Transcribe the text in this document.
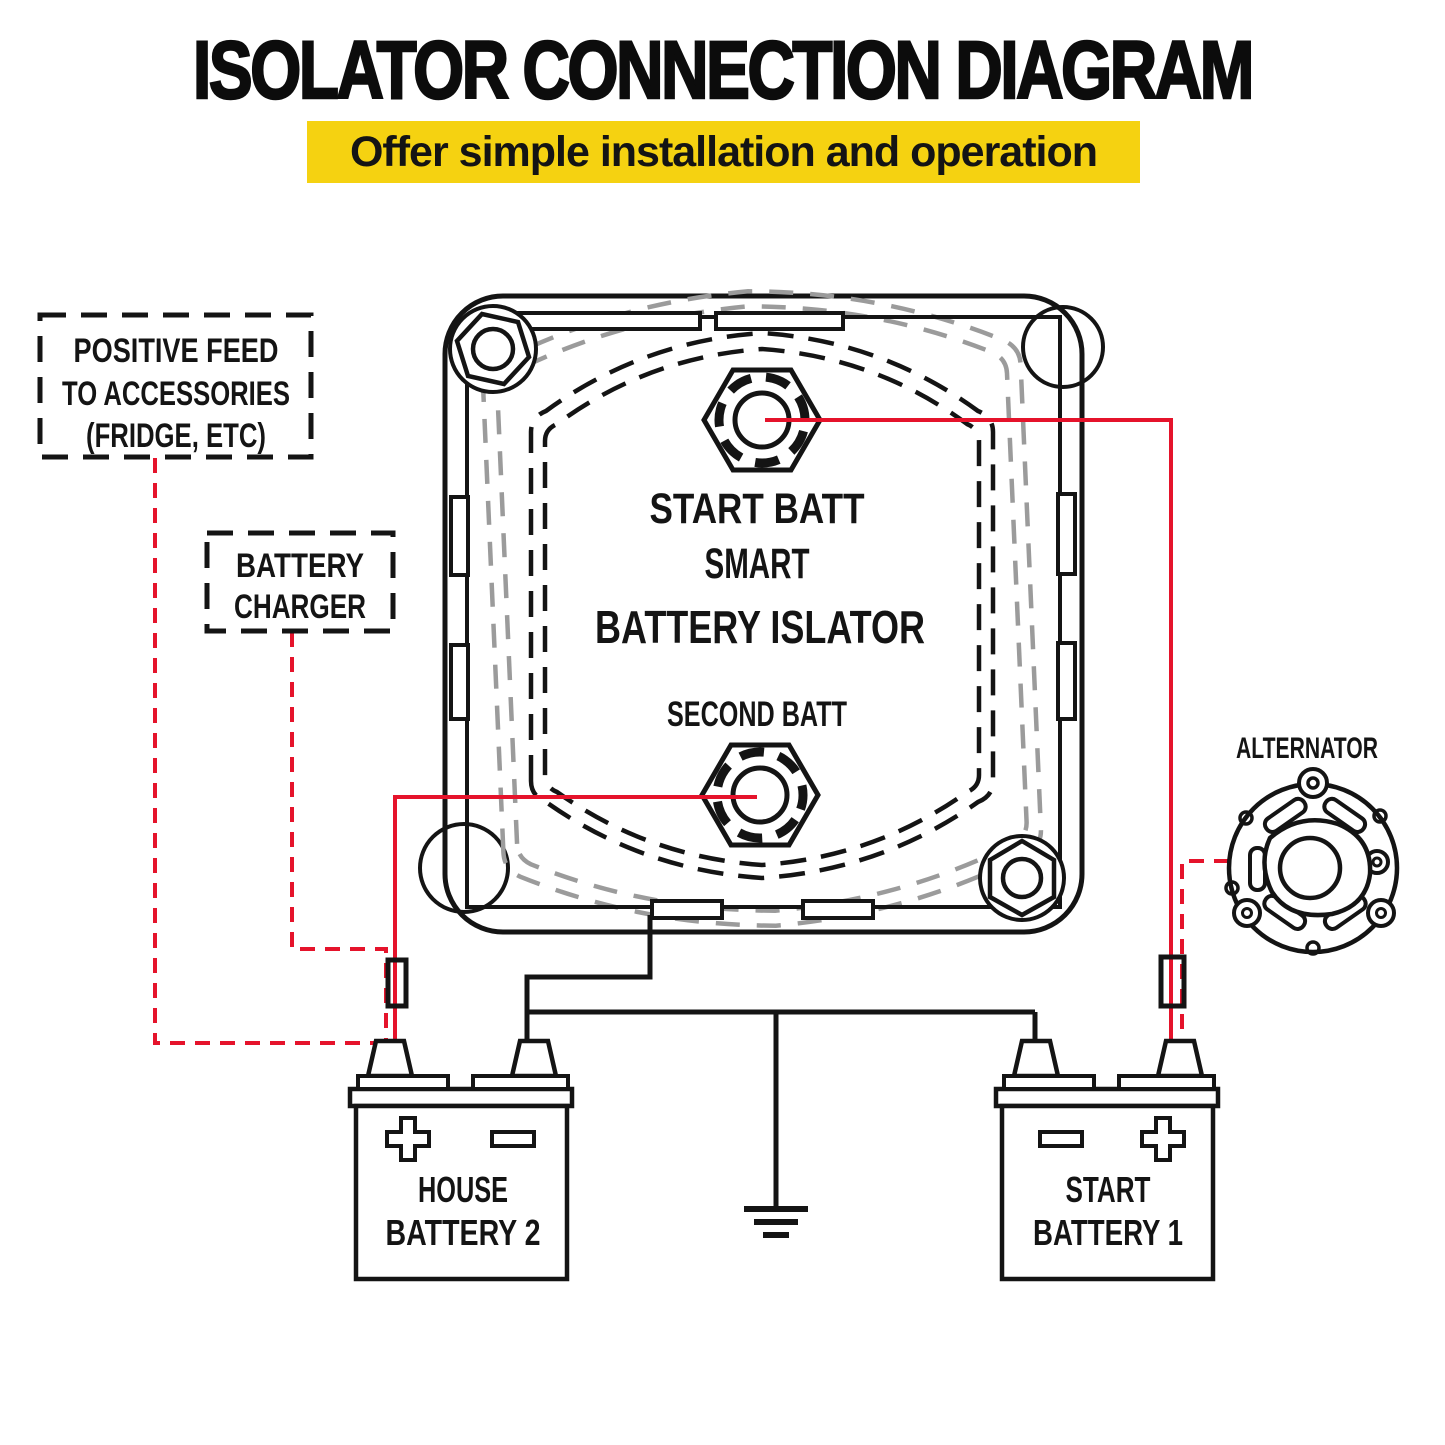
ISOLATOR CONNECTION DIAGRAM
Offer simple installation and operation
START BATT
SMART
BATTERY ISLATOR
SECOND BATT
HOUSE
BATTERY 2
START
BATTERY 1
ALTERNATOR
POSITIVE FEED
TO ACCESSORIES
(FRIDGE, ETC)
BATTERY
CHARGER
